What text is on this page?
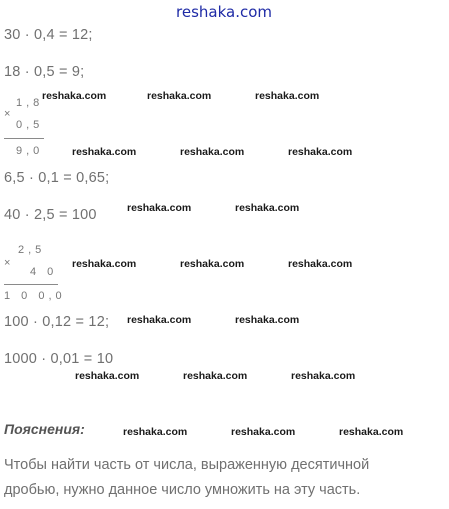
reshaka.com
30 · 0,4 = 12;
18 · 0,5 = 9;
×
1,8
0,5
9,0
6,5 · 0,1 = 0,65;
40 · 2,5 = 100
×
2,5
4 0
1 0 0,0
100 · 0,12 = 12;
1000 · 0,01 = 10
reshaka.com	reshaka.com	reshaka.com
reshaka.com	reshaka.com	reshaka.com
reshaka.com	reshaka.com
reshaka.com	reshaka.com	reshaka.com
reshaka.com	reshaka.com
reshaka.com	reshaka.com	reshaka.com
reshaka.com	reshaka.com	reshaka.com
Пояснения:
Чтобы найти часть от числа, выраженную десятичной
дробью, нужно данное число умножить на эту часть.
